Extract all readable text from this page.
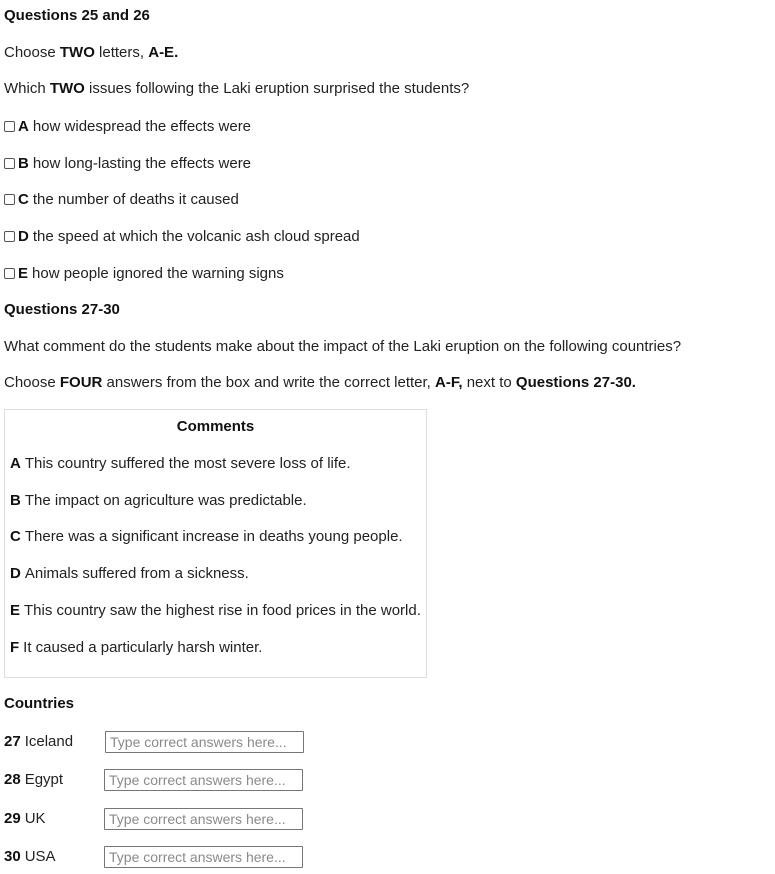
Questions 25 and 26
Choose TWO letters, A-E.
Which TWO issues following the Laki eruption surprised the students?
A how widespread the effects were
B how long-lasting the effects were
C the number of deaths it caused
D the speed at which the volcanic ash cloud spread
E how people ignored the warning signs
Questions 27-30
What comment do the students make about the impact of the Laki eruption on the following countries?
Choose FOUR answers from the box and write the correct letter, A-F, next to Questions 27-30.
Comments
A This country suffered the most severe loss of life.
B The impact on agriculture was predictable.
C There was a significant increase in deaths young people.
D Animals suffered from a sickness.
E This country saw the highest rise in food prices in the world.
F It caused a particularly harsh winter.
Countries
27 Iceland
Type correct answers here...
28 Egypt
Type correct answers here...
29 UK
Type correct answers here...
30 USA
Type correct answers here...
